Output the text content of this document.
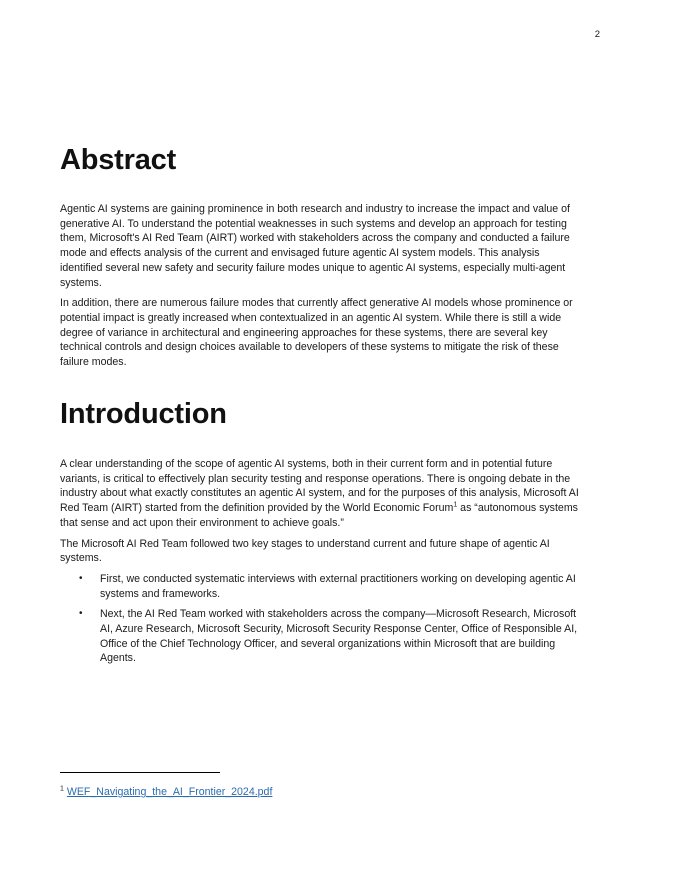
2
Abstract

Agentic AI systems are gaining prominence in both research and industry to increase the impact and value of generative AI. To understand the potential weaknesses in such systems and develop an approach for testing them, Microsoft's AI Red Team (AIRT) worked with stakeholders across the company and conducted a failure mode and effects analysis of the current and envisaged future agentic AI system models. This analysis identified several new safety and security failure modes unique to agentic AI systems, especially multi-agent systems.

In addition, there are numerous failure modes that currently affect generative AI models whose prominence or potential impact is greatly increased when contextualized in an agentic AI system. While there is still a wide degree of variance in architectural and engineering approaches for these systems, there are several key technical controls and design choices available to developers of these systems to mitigate the risk of these failure modes.

Introduction

A clear understanding of the scope of agentic AI systems, both in their current form and in potential future variants, is critical to effectively plan security testing and response operations. There is ongoing debate in the industry about what exactly constitutes an agentic AI system, and for the purposes of this analysis, Microsoft AI Red Team (AIRT) started from the definition provided by the World Economic Forum$^1$ as “autonomous systems that sense and act upon their environment to achieve goals.”

The Microsoft AI Red Team followed two key stages to understand current and future shape of agentic AI systems.

• First, we conducted systematic interviews with external practitioners working on developing agentic AI systems and frameworks.
• Next, the AI Red Team worked with stakeholders across the company—Microsoft Research, Microsoft AI, Azure Research, Microsoft Security, Microsoft Security Response Center, Office of Responsible AI, Office of the Chief Technology Officer, and several organizations within Microsoft that are building Agents.
$^1$ WEF_Navigating_the_AI_Frontier_2024.pdf
